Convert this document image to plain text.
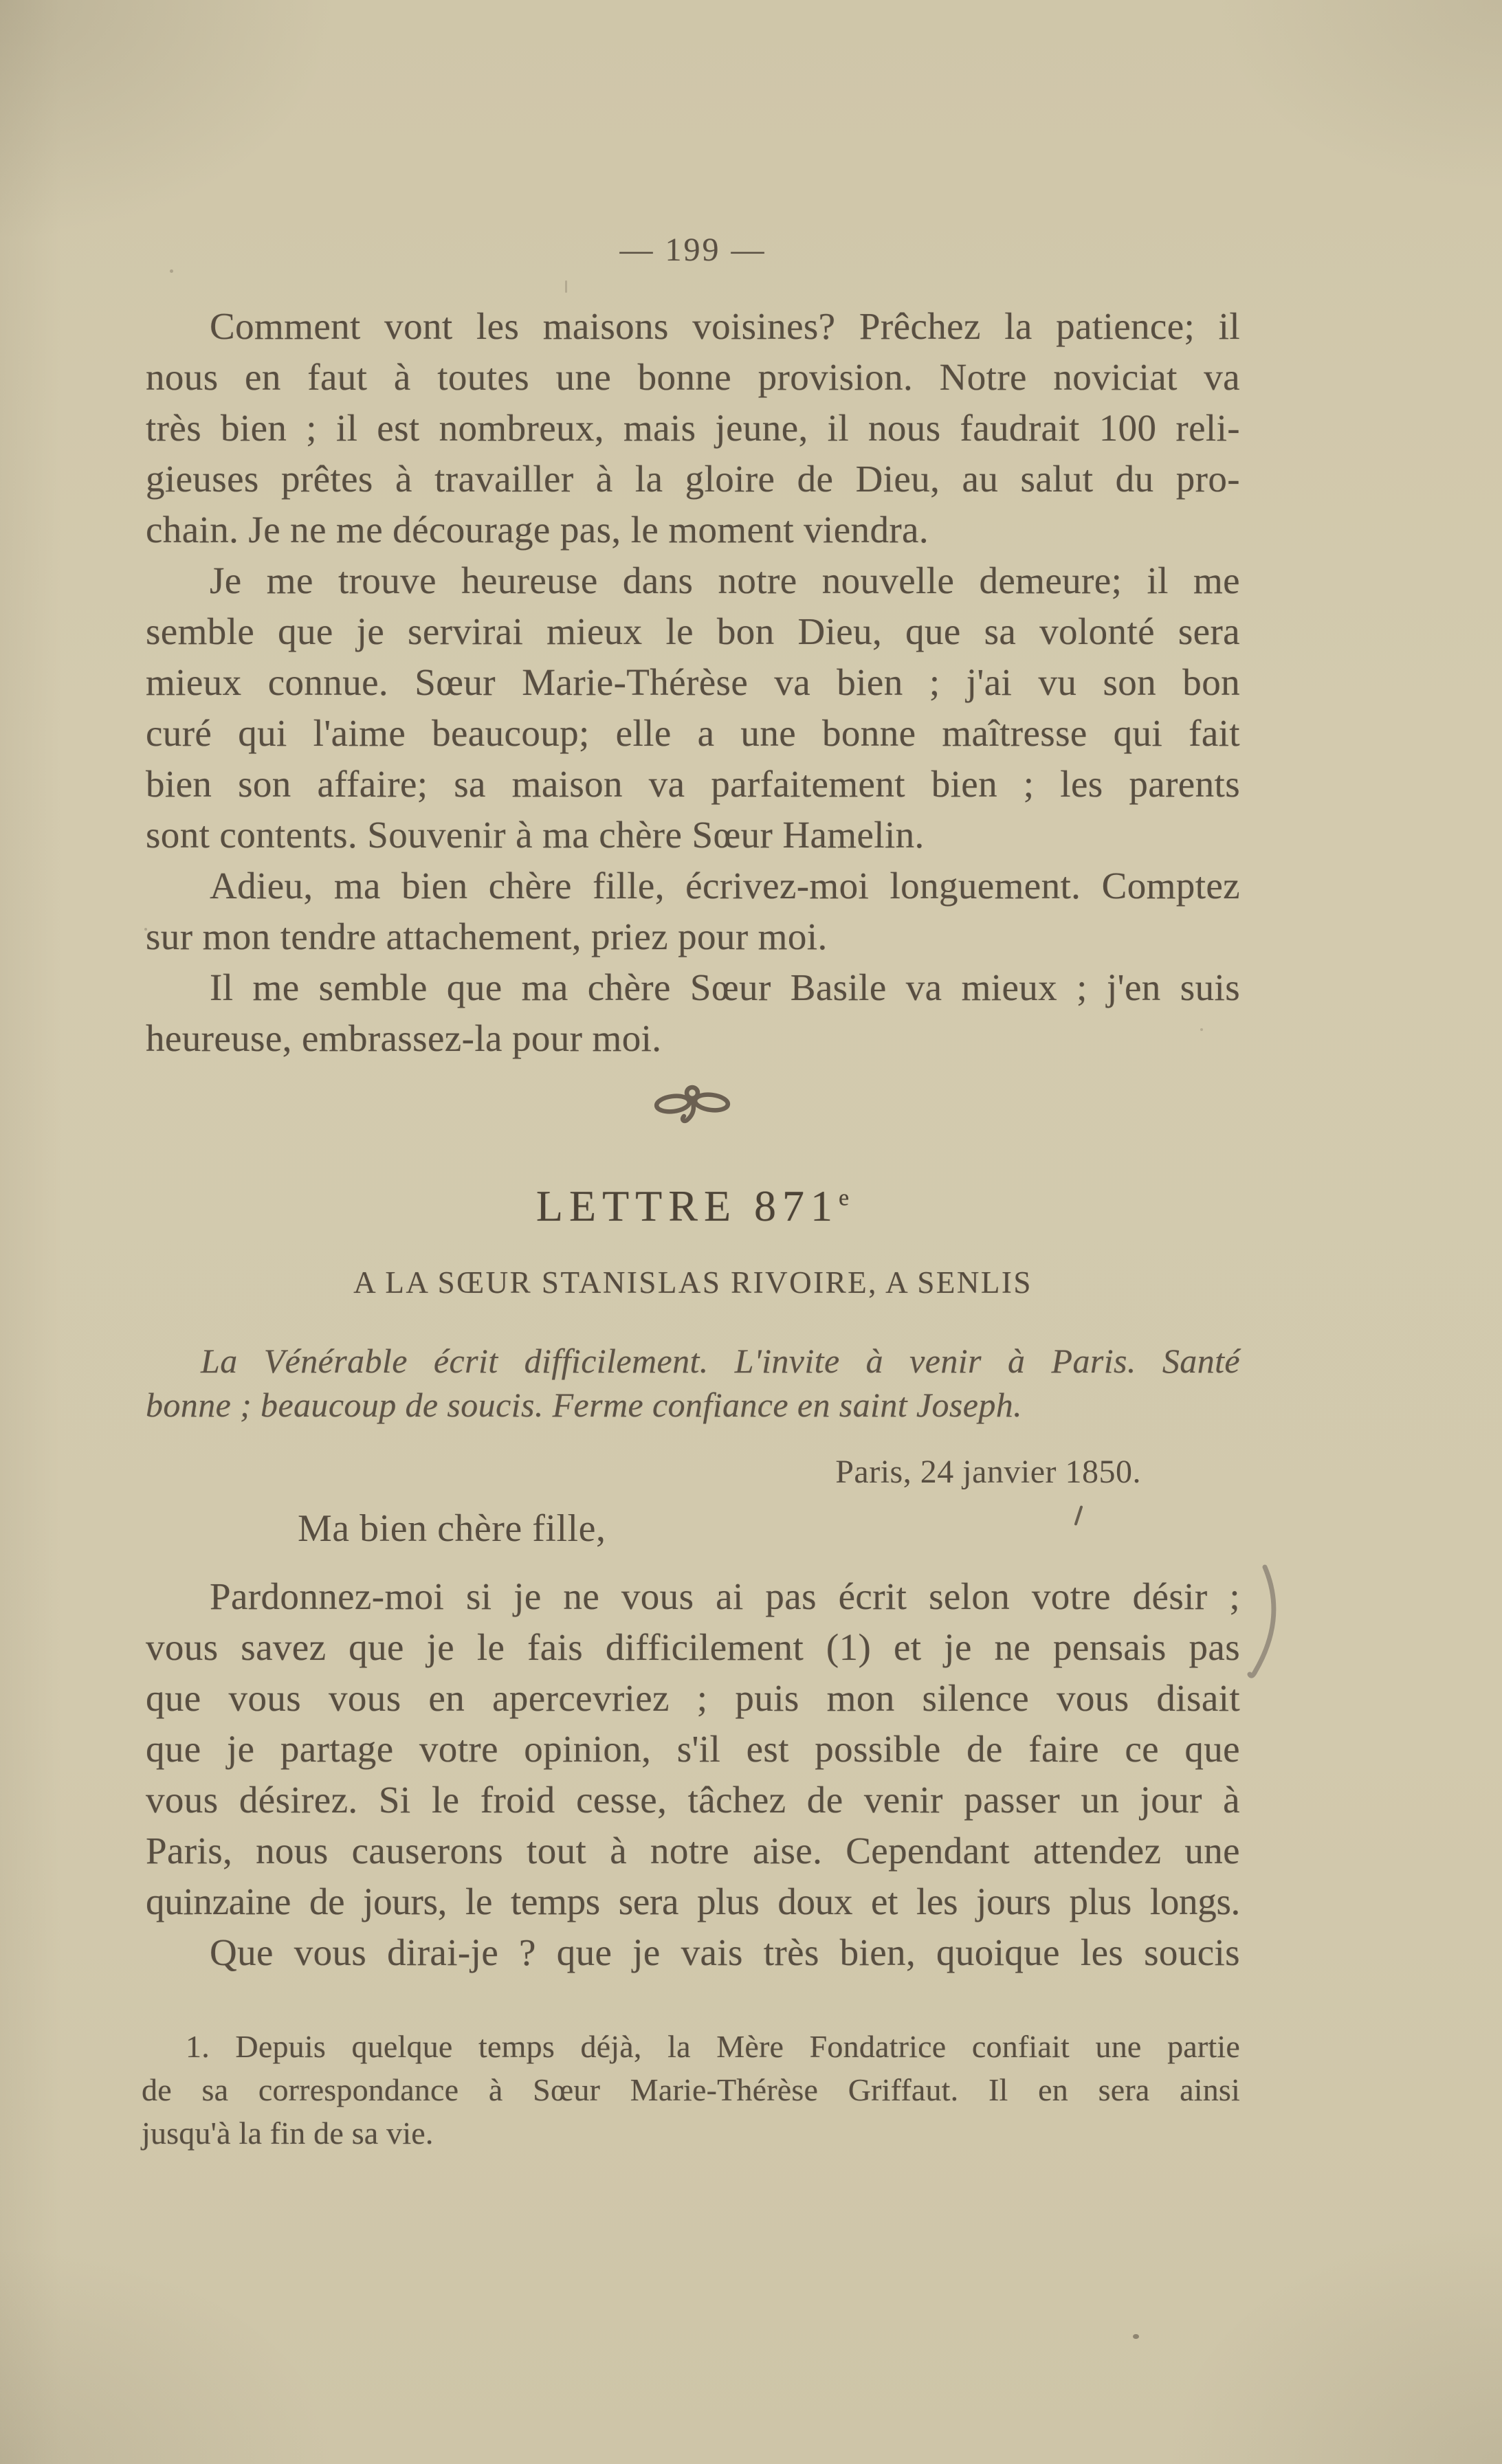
— 199 —
Comment vont les maisons voisines? Prêchez la patience; il
nous en faut à toutes une bonne provision. Notre noviciat va
très bien ; il est nombreux, mais jeune, il nous faudrait 100 reli-
gieuses prêtes à travailler à la gloire de Dieu, au salut du pro-
chain. Je ne me décourage pas, le moment viendra.
Je me trouve heureuse dans notre nouvelle demeure; il me
semble que je servirai mieux le bon Dieu, que sa volonté sera
mieux connue. Sœur Marie-Thérèse va bien ; j'ai vu son bon
curé qui l'aime beaucoup; elle a une bonne maîtresse qui fait
bien son affaire; sa maison va parfaitement bien ; les parents
sont contents. Souvenir à ma chère Sœur Hamelin.
Adieu, ma bien chère fille, écrivez-moi longuement. Comptez
sur mon tendre attachement, priez pour moi.
Il me semble que ma chère Sœur Basile va mieux ; j'en suis
heureuse, embrassez-la pour moi.
LETTRE 871e
A LA SŒUR STANISLAS RIVOIRE, A SENLIS
La Vénérable écrit difficilement. L'invite à venir à Paris. Santé
bonne ; beaucoup de soucis. Ferme confiance en saint Joseph.
Paris, 24 janvier 1850.
Ma bien chère fille,
Pardonnez-moi si je ne vous ai pas écrit selon votre désir ;
vous savez que je le fais difficilement (1) et je ne pensais pas
que vous vous en apercevriez ; puis mon silence vous disait
que je partage votre opinion, s'il est possible de faire ce que
vous désirez. Si le froid cesse, tâchez de venir passer un jour à
Paris, nous causerons tout à notre aise. Cependant attendez une
quinzaine de jours, le temps sera plus doux et les jours plus longs.
Que vous dirai-je ? que je vais très bien, quoique les soucis
1. Depuis quelque temps déjà, la Mère Fondatrice confiait une partie
de sa correspondance à Sœur Marie-Thérèse Griffaut. Il en sera ainsi
jusqu'à la fin de sa vie.
